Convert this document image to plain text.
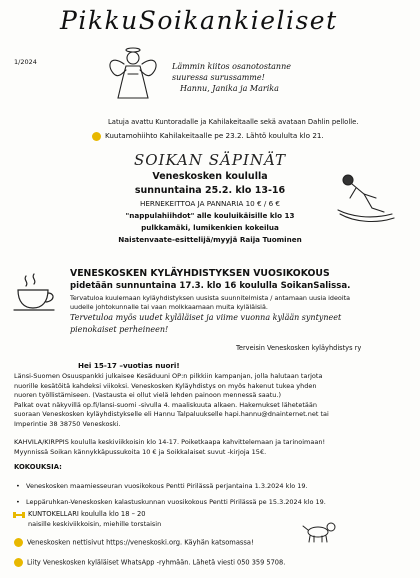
PikkuSoikankieliset
1/2024	Lämmin kiitos osanotostanne
suuressa surussamme!
Hannu, Janika ja Marika
Latuja avattu Kuntoradalle ja Kahilakeitaalle sekä avataan Dahlin pellolle.
Kuutamohiihto Kahilakeitaalle pe 23.2. Lähtö koululta klo 21.
SOIKAN SÄPINÄT
Veneskosken koululla
sunnuntaina 25.2. klo 13-16
HERNEKEITTOA JA PANNARIA 10 € / 6 €
"nappulahiihdot" alle kouluikäisille klo 13
pulkkamäki, lumikenkien kokeilua
Naistenvaate-esittelijä/myyjä Raija Tuominen
VENESKOSKEN KYLÄYHDISTYKSEN VUOSIKOKOUS
pidetään sunnuntaina 17.3. klo 16 koululla SoikanSalissa.
Tervatuloa kuulemaan kyläyhdistyksen uusista suunnitelmista / antamaan uusia ideoita
uudelle johtokunnalle tai vaan molkkaamaan muita kyläläisiä.
Tervetuloa myös uudet kyläläiset ja viime vuonna kylään syntyneet
pienokaiset perheineen!
Terveisin Veneskosken kyläyhdistys ry
Hei 15-17 –vuotias nuori!
Länsi-Suomen Osuuspankki julkaisee Kesäduuni OP:n pilkkiin kampanjan, jolla halutaan tarjota
nuorille kesätöitä kahdeksi viikoksi. Veneskosken Kyläyhdistys on myös hakenut tukea yhden
nuoren työllistämiseen. (Vastausta ei ollut vielä lehden painoon mennessä saatu.)
Palkat ovat näkyvillä op.fi/lansi-suomi -sivulla 4. maaliskuuta alkaen. Hakemukset lähetetään
suoraan Veneskosken kyläyhdistykselle eli Hannu Talpaluukselle hapi.hannu@dnainternet.net tai
Imperintie 38 38750 Veneskoski.
KAHVILA/KIRPPIS koululla keskiviikkoisin klo 14-17. Poiketkaapa kahvittelemaan ja tarinoimaan!
Myynnissä Soikan kännykkäpussukoita 10 € ja Soikkalaiset suvut -kirjoja 15€.
KOKOUKSIA:
• Veneskosken maamiesseuran vuosikokous Pentti Pirilässä perjantaina 1.3.2024 klo 19.
• Leppäruhkan-Veneskosken kalastuskunnan vuosikokous Pentti Pirilässä pe 15.3.2024 klo 19.
KUNTOKELLARI koululla klo 18 – 20
naisille keskiviikkoisin, miehille torstaisin
Veneskosken nettisivut https://veneskoski.org. Käyhän katsomassa!
Liity Veneskosken kyläläiset WhatsApp -ryhmään. Lähetä viesti 050 359 5708.
